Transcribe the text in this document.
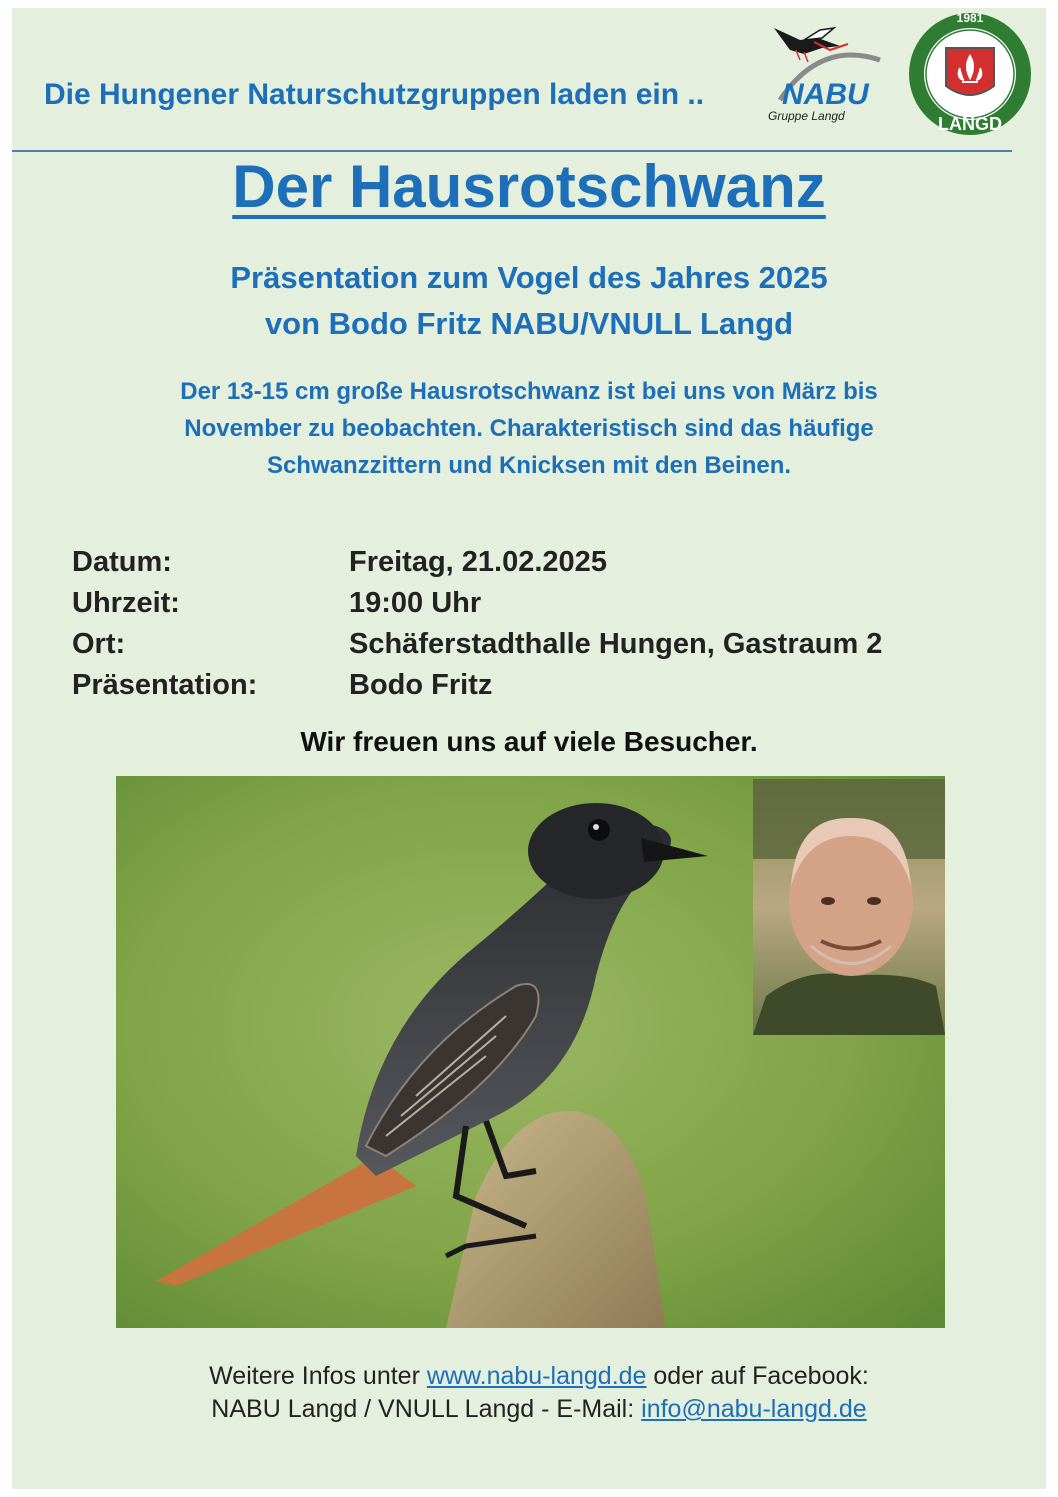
Die Hungener Naturschutzgruppen laden ein ..	NABU
Gruppe Langd
1981
LANGD
Der Hausrotschwanz
Präsentation zum Vogel des Jahres 2025
von Bodo Fritz NABU/VNULL Langd
Der 13-15 cm große Hausrotschwanz ist bei uns von März bis
November zu beobachten. Charakteristisch sind das häufige
Schwanzzittern und Knicksen mit den Beinen.
Datum:	Freitag, 21.02.2025
Uhrzeit:	19:00 Uhr
Ort:	Schäferstadthalle Hungen, Gastraum 2
Präsentation:	Bodo Fritz
Wir freuen uns auf viele Besucher.
Weitere Infos unter www.nabu-langd.de oder auf Facebook:
NABU Langd / VNULL Langd - E-Mail: info@nabu-langd.de
